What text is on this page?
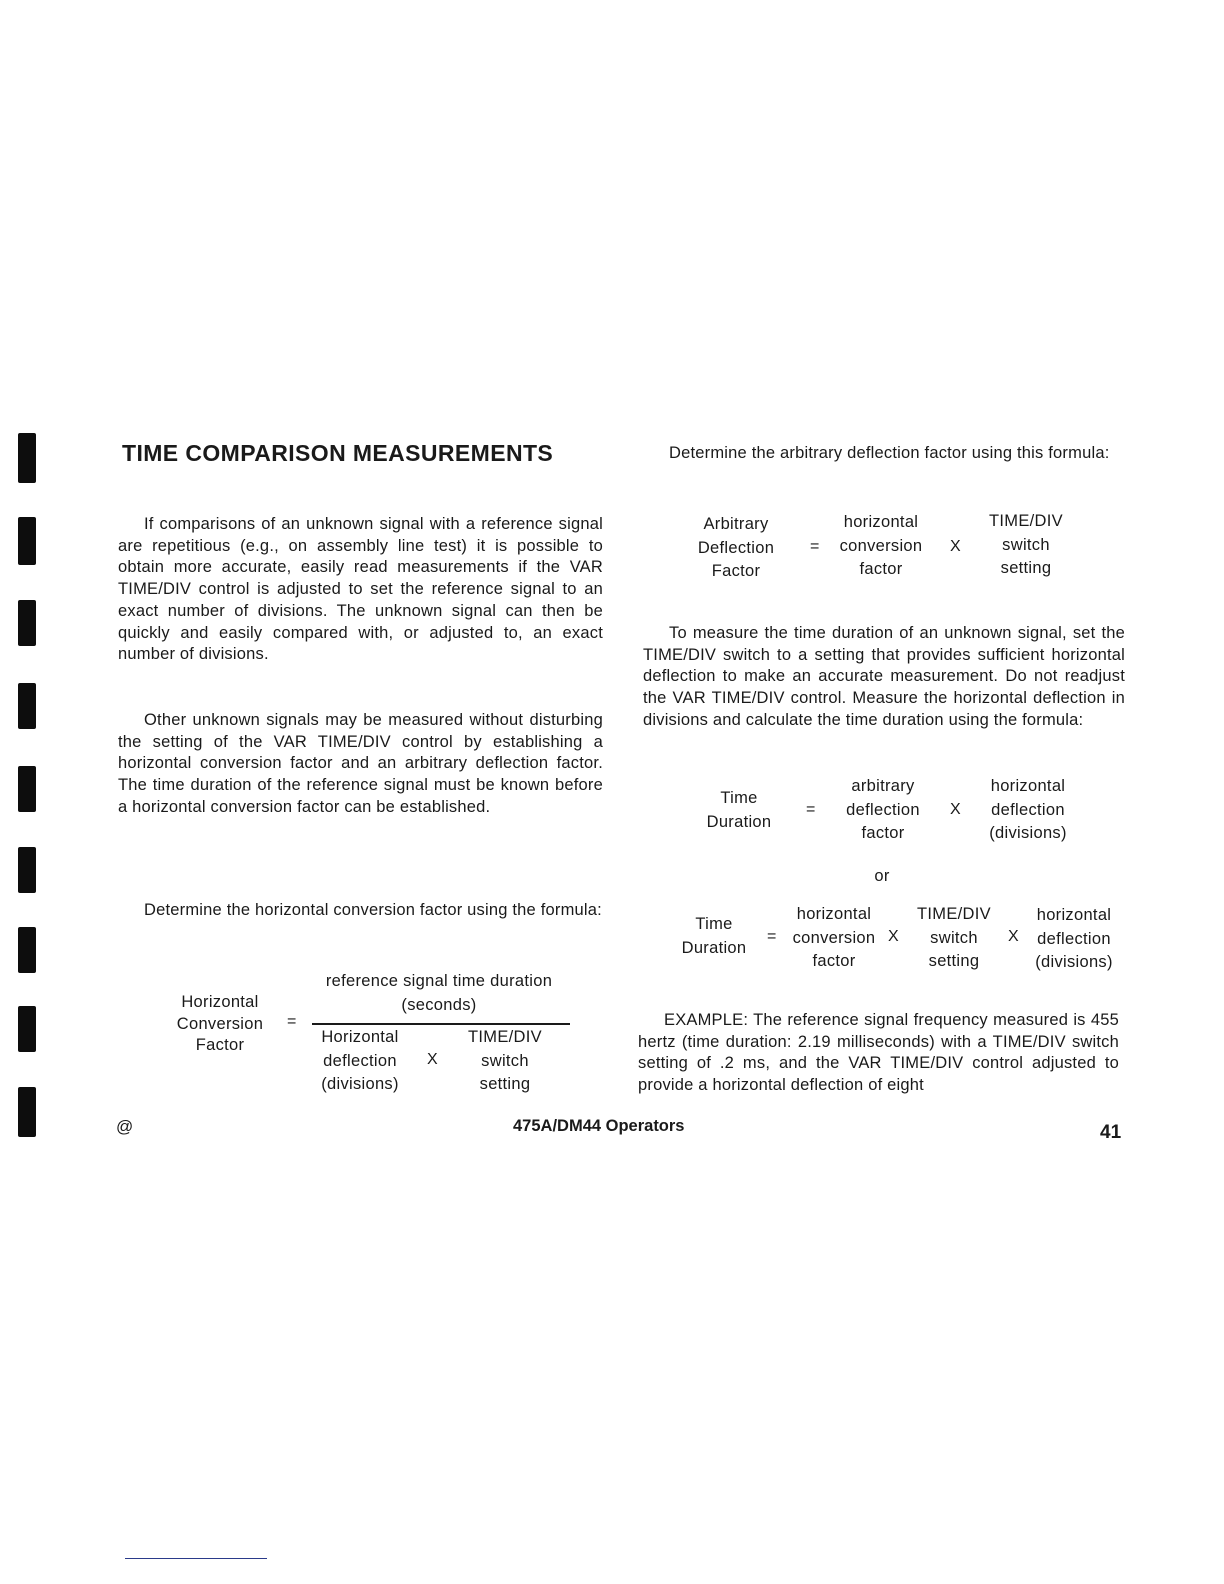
TIME COMPARISON MEASUREMENTS
If comparisons of an unknown signal with a reference signal are repetitious (e.g., on assembly line test) it is possible to obtain more accurate, easily read measurements if the VAR TIME/DIV control is adjusted to set the reference signal to an exact number of divisions. The unknown signal can then be quickly and easily compared with, or adjusted to, an exact number of divisions.
Other unknown signals may be measured without disturbing the setting of the VAR TIME/DIV control by establishing a horizontal conversion factor and an arbitrary deflection factor. The time duration of the reference signal must be known before a horizontal conversion factor can be established.
Determine the horizontal conversion factor using the formula:
Horizontal
Conversion
Factor
=
reference signal time duration
(seconds)
Horizontal
deflection
(divisions)
X
TIME/DIV
switch
setting
Determine the arbitrary deflection factor using this formula:
Arbitrary
Deflection
Factor
=
horizontal
conversion
factor
X
TIME/DIV
switch
setting
To measure the time duration of an unknown signal, set the TIME/DIV switch to a setting that provides sufficient horizontal deflection to make an accurate measurement. Do not readjust the VAR TIME/DIV control. Measure the horizontal deflection in divisions and calculate the time duration using the formula:
Time
Duration
=
arbitrary
deflection
factor
X
horizontal
deflection
(divisions)
or
Time
Duration
=
horizontal
conversion
factor
X
TIME/DIV
switch
setting
X
horizontal
deflection
(divisions)
EXAMPLE: The reference signal frequency measured is 455 hertz (time duration: 2.19 milliseconds) with a TIME/DIV switch setting of .2 ms, and the VAR TIME/DIV control adjusted to provide a horizontal deflection of eight
@	475A/DM44 Operators	41
